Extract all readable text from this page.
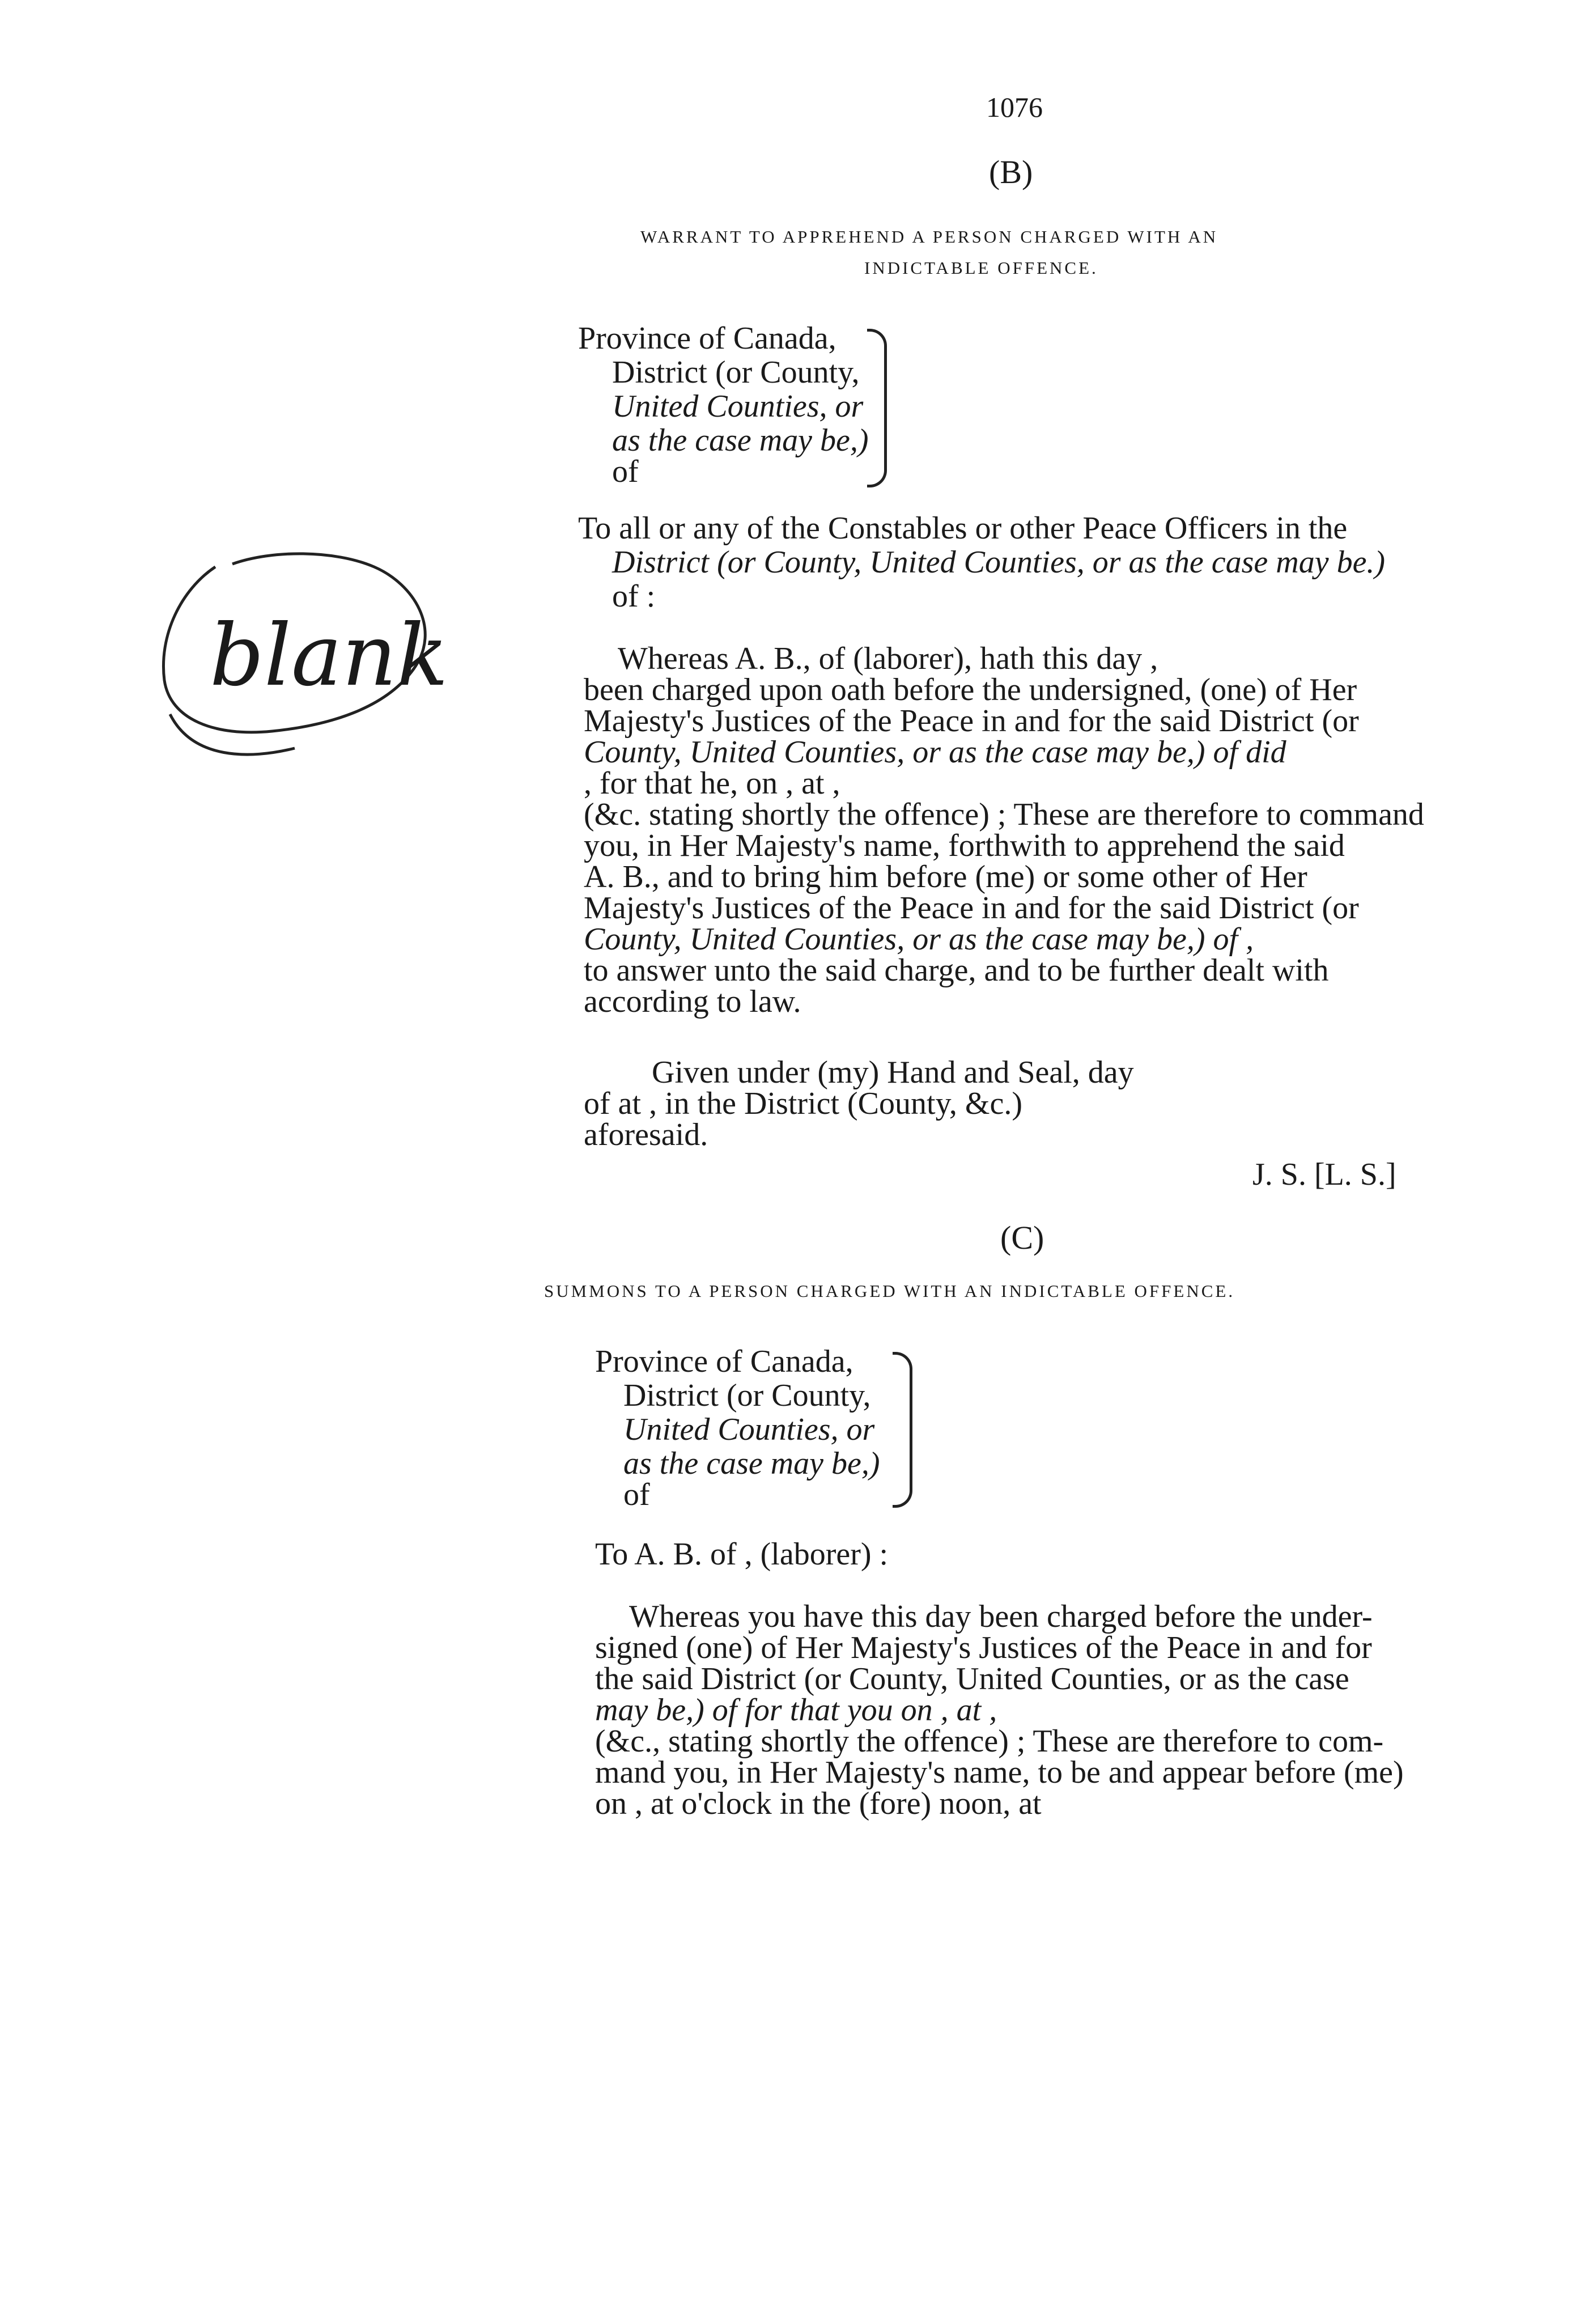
1076
(B)
WARRANT TO APPREHEND A PERSON CHARGED WITH AN
INDICTABLE OFFENCE.
Province of Canada,
District (or County,
United Counties, or
as the case may be,)
of
To all or any of the Constables or other Peace Officers in the
District (or County, United Counties, or as the case may be.)
of :
Whereas A. B., of (laborer), hath this day ,
been charged upon oath before the undersigned, (one) of Her
Majesty's Justices of the Peace in and for the said District (or
County, United Counties, or as the case may be,) of did
, for that he, on , at ,
(&c. stating shortly the offence) ; These are therefore to command
you, in Her Majesty's name, forthwith to apprehend the said
A. B., and to bring him before (me) or some other of Her
Majesty's Justices of the Peace in and for the said District (or
County, United Counties, or as the case may be,) of ,
to answer unto the said charge, and to be further dealt with
according to law.
Given under (my) Hand and Seal, day
of at , in the District (County, &c.)
aforesaid.
J. S. [L. S.]
(C)
SUMMONS TO A PERSON CHARGED WITH AN INDICTABLE OFFENCE.
Province of Canada,
District (or County,
United Counties, or
as the case may be,)
of
To A. B. of , (laborer) :
Whereas you have this day been charged before the under-
signed (one) of Her Majesty's Justices of the Peace in and for
the said District (or County, United Counties, or as the case
may be,) of for that you on , at ,
(&c., stating shortly the offence) ; These are therefore to com-
mand you, in Her Majesty's name, to be and appear before (me)
on , at o'clock in the (fore) noon, at
blank
